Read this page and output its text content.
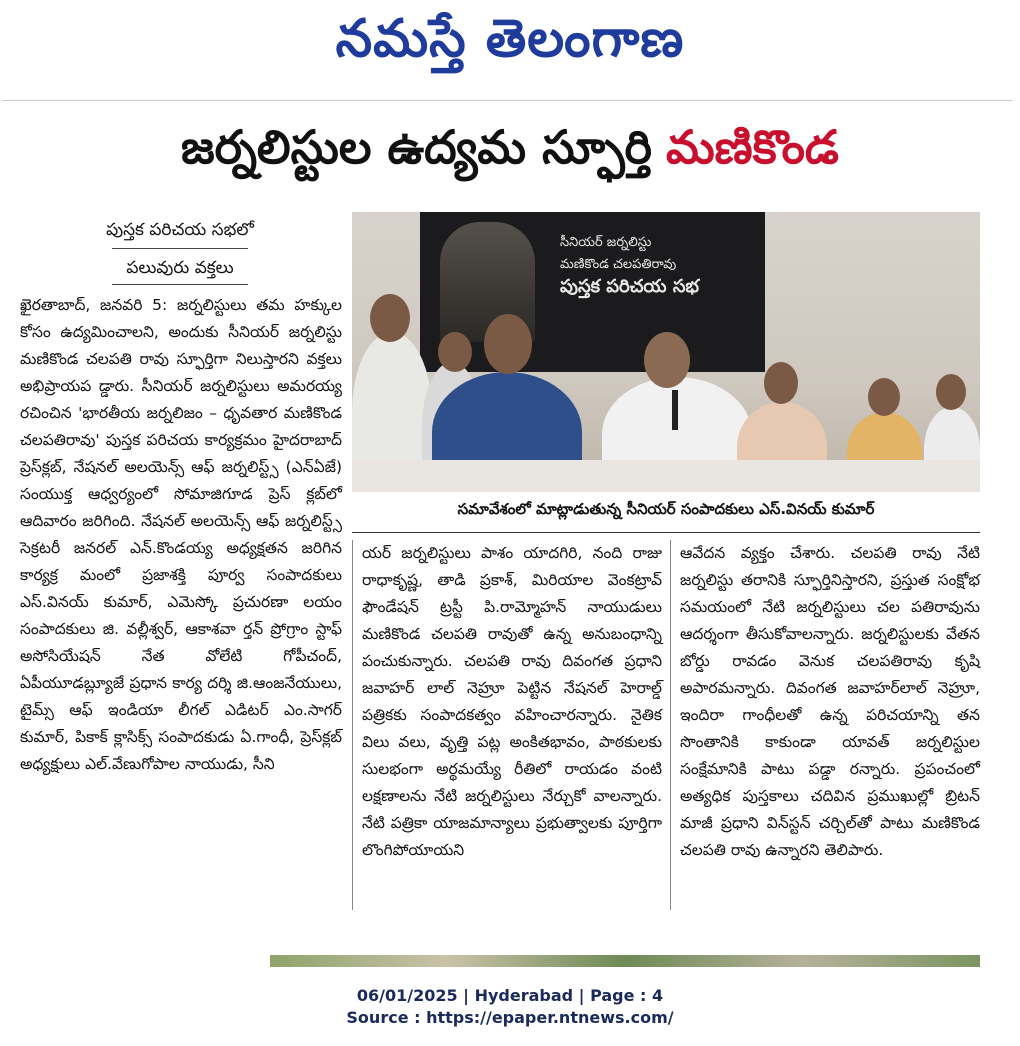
నమస్తే తెలంగాణ
జర్నలిస్టుల ఉద్యమ స్ఫూర్తి మణికొండ
పుస్తక పరిచయ సభలో
పలువురు వక్తలు
సీనియర్ జర్నలిస్టు
మణికొండ చలపతిరావు
పుస్తక పరిచయ సభ
సమావేశంలో మాట్లాడుతున్న సీనియర్ సంపాదకులు ఎస్.వినయ్ కుమార్

ఖైరతాబాద్, జనవరి 5: జర్నలిస్టులు తమ హక్కుల కోసం ఉద్యమించాలని, అందుకు సీనియర్ జర్నలిస్టు మణికొండ చలపతి రావు స్ఫూర్తిగా నిలుస్తారని వక్తలు అభిప్రాయప డ్డారు. సీనియర్ జర్నలిస్టులు అమరయ్య రచించిన 'భారతీయ జర్నలిజం – ధృవతార మణికొండ చలపతిరావు' పుస్తక పరిచయ కార్యక్రమం హైదరాబాద్ ప్రెస్‌క్లబ్, నేషనల్ అలయెన్స్ ఆఫ్ జర్నలిస్ట్స్ (ఎన్‌ఏజే) సంయుక్త ఆధ్వర్యంలో సోమాజిగూడ ప్రెస్ క్లబ్‌లో ఆదివారం జరిగింది. నేషనల్ అలయెన్స్ ఆఫ్ జర్నలిస్ట్స్ సెక్రటరీ జనరల్ ఎన్.కొండయ్య అధ్యక్షతన జరిగిన కార్యక్ర మంలో ప్రజాశక్తి పూర్వ సంపాదకులు ఎస్.వినయ్ కుమార్, ఎమెస్కో ప్రచురణా లయం సంపాదకులు జి. వల్లీశ్వర్, ఆకాశవా ర్తన్ ప్రోగ్రాం స్టాఫ్ అసోసియేషన్ నేత వోలేటి గోపీచంద్, ఏపీయూడబ్ల్యూజే ప్రధాన కార్య దర్శి జి.ఆంజనేయులు, టైమ్స్ ఆఫ్ ఇండియా లీగల్ ఎడిటర్ ఎం.సాగర్ కుమార్, పికాక్ క్లాసిక్స్ సంపాదకుడు ఏ.గాంధీ, ప్రెస్‌క్లబ్ అధ్యక్షులు ఎల్.వేణుగోపాల నాయుడు, సీని

యర్ జర్నలిస్టులు పాశం యాదగిరి, నంది రాజు రాధాకృష్ణ, తాడి ప్రకాశ్, మిరియాల వెంకట్రావ్ ఫౌండేషన్ ట్రస్టీ పి.రామ్మోహన్ నాయుడులు మణికొండ చలపతి రావుతో ఉన్న అనుబంధాన్ని పంచుకున్నారు. చలపతి రావు దివంగత ప్రధాని జవాహర్ లాల్ నెహ్రూ పెట్టిన నేషనల్ హెరాల్డ్ పత్రికకు సంపాదకత్వం వహించారన్నారు. నైతిక విలు వలు, వృత్తి పట్ల అంకితభావం, పాఠకులకు సులభంగా అర్థమయ్యే రీతిలో రాయడం వంటి లక్షణాలను నేటి జర్నలిస్టులు నేర్చుకో వాలన్నారు. నేటి పత్రికా యాజమాన్యాలు ప్రభుత్వాలకు పూర్తిగా లొంగిపోయాయని

ఆవేదన వ్యక్తం చేశారు. చలపతి రావు నేటి జర్నలిస్టు తరానికి స్ఫూర్తినిస్తారని, ప్రస్తుత సంక్షోభ సమయంలో నేటి జర్నలిస్టులు చల పతిరావును ఆదర్శంగా తీసుకోవాలన్నారు. జర్నలిస్టులకు వేతన బోర్డు రావడం వెనుక చలపతిరావు కృషి అపారమన్నారు. దివంగత జవాహర్‌లాల్ నెహ్రూ, ఇందిరా గాంధీలతో ఉన్న పరిచయాన్ని తన సొంతానికి కాకుండా యావత్ జర్నలిస్టుల సంక్షేమానికి పాటు పడ్డా రన్నారు. ప్రపంచంలో అత్యధిక పుస్తకాలు చదివిన ప్రముఖుల్లో బ్రిటన్ మాజీ ప్రధాని విన్‌స్టన్ చర్చిల్‌తో పాటు మణికొండ చలపతి రావు ఉన్నారని తెలిపారు.

06/01/2025 | Hyderabad | Page : 4
Source : https://epaper.ntnews.com/
